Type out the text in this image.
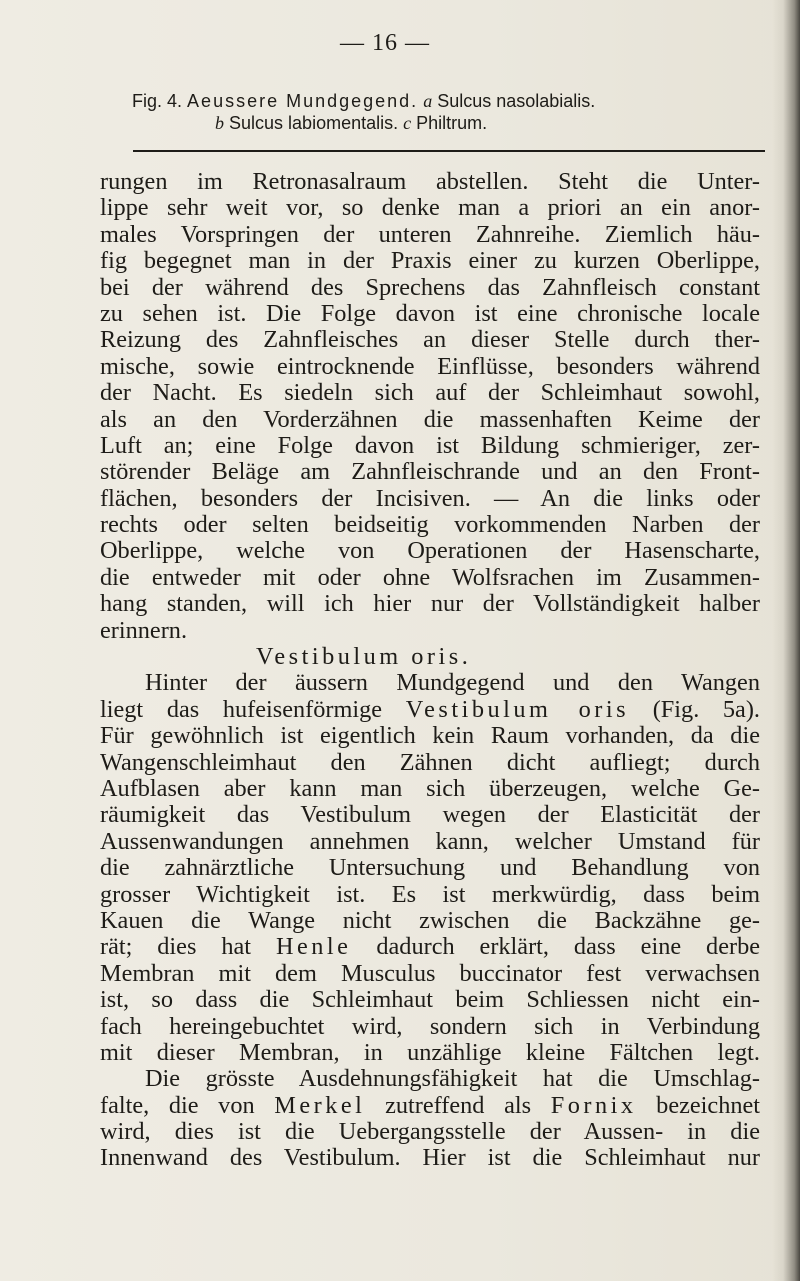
— 16 —
Fig. 4. Aeussere Mundgegend. a Sulcus nasolabialis.
b Sulcus labiomentalis. c Philtrum.
rungen im Retronasalraum abstellen. Steht die Unter-
lippe sehr weit vor, so denke man a priori an ein anor-
males Vorspringen der unteren Zahnreihe. Ziemlich häu-
fig begegnet man in der Praxis einer zu kurzen Oberlippe,
bei der während des Sprechens das Zahnfleisch constant
zu sehen ist. Die Folge davon ist eine chronische locale
Reizung des Zahnfleisches an dieser Stelle durch ther-
mische, sowie eintrocknende Einflüsse, besonders während
der Nacht. Es siedeln sich auf der Schleimhaut sowohl,
als an den Vorderzähnen die massenhaften Keime der
Luft an; eine Folge davon ist Bildung schmieriger, zer-
störender Beläge am Zahnfleischrande und an den Front-
flächen, besonders der Incisiven. — An die links oder
rechts oder selten beidseitig vorkommenden Narben der
Oberlippe, welche von Operationen der Hasenscharte,
die entweder mit oder ohne Wolfsrachen im Zusammen-
hang standen, will ich hier nur der Vollständigkeit halber
erinnern.
Vestibulum oris.
Hinter der äussern Mundgegend und den Wangen
liegt das hufeisenförmige Vestibulum oris (Fig. 5a).
Für gewöhnlich ist eigentlich kein Raum vorhanden, da die
Wangenschleimhaut den Zähnen dicht aufliegt; durch
Aufblasen aber kann man sich überzeugen, welche Ge-
räumigkeit das Vestibulum wegen der Elasticität der
Aussenwandungen annehmen kann, welcher Umstand für
die zahnärztliche Untersuchung und Behandlung von
grosser Wichtigkeit ist. Es ist merkwürdig, dass beim
Kauen die Wange nicht zwischen die Backzähne ge-
rät; dies hat Henle dadurch erklärt, dass eine derbe
Membran mit dem Musculus buccinator fest verwachsen
ist, so dass die Schleimhaut beim Schliessen nicht ein-
fach hereingebuchtet wird, sondern sich in Verbindung
mit dieser Membran, in unzählige kleine Fältchen legt.
Die grösste Ausdehnungsfähigkeit hat die Umschlag-
falte, die von Merkel zutreffend als Fornix bezeichnet
wird, dies ist die Uebergangsstelle der Aussen- in die
Innenwand des Vestibulum. Hier ist die Schleimhaut nur
